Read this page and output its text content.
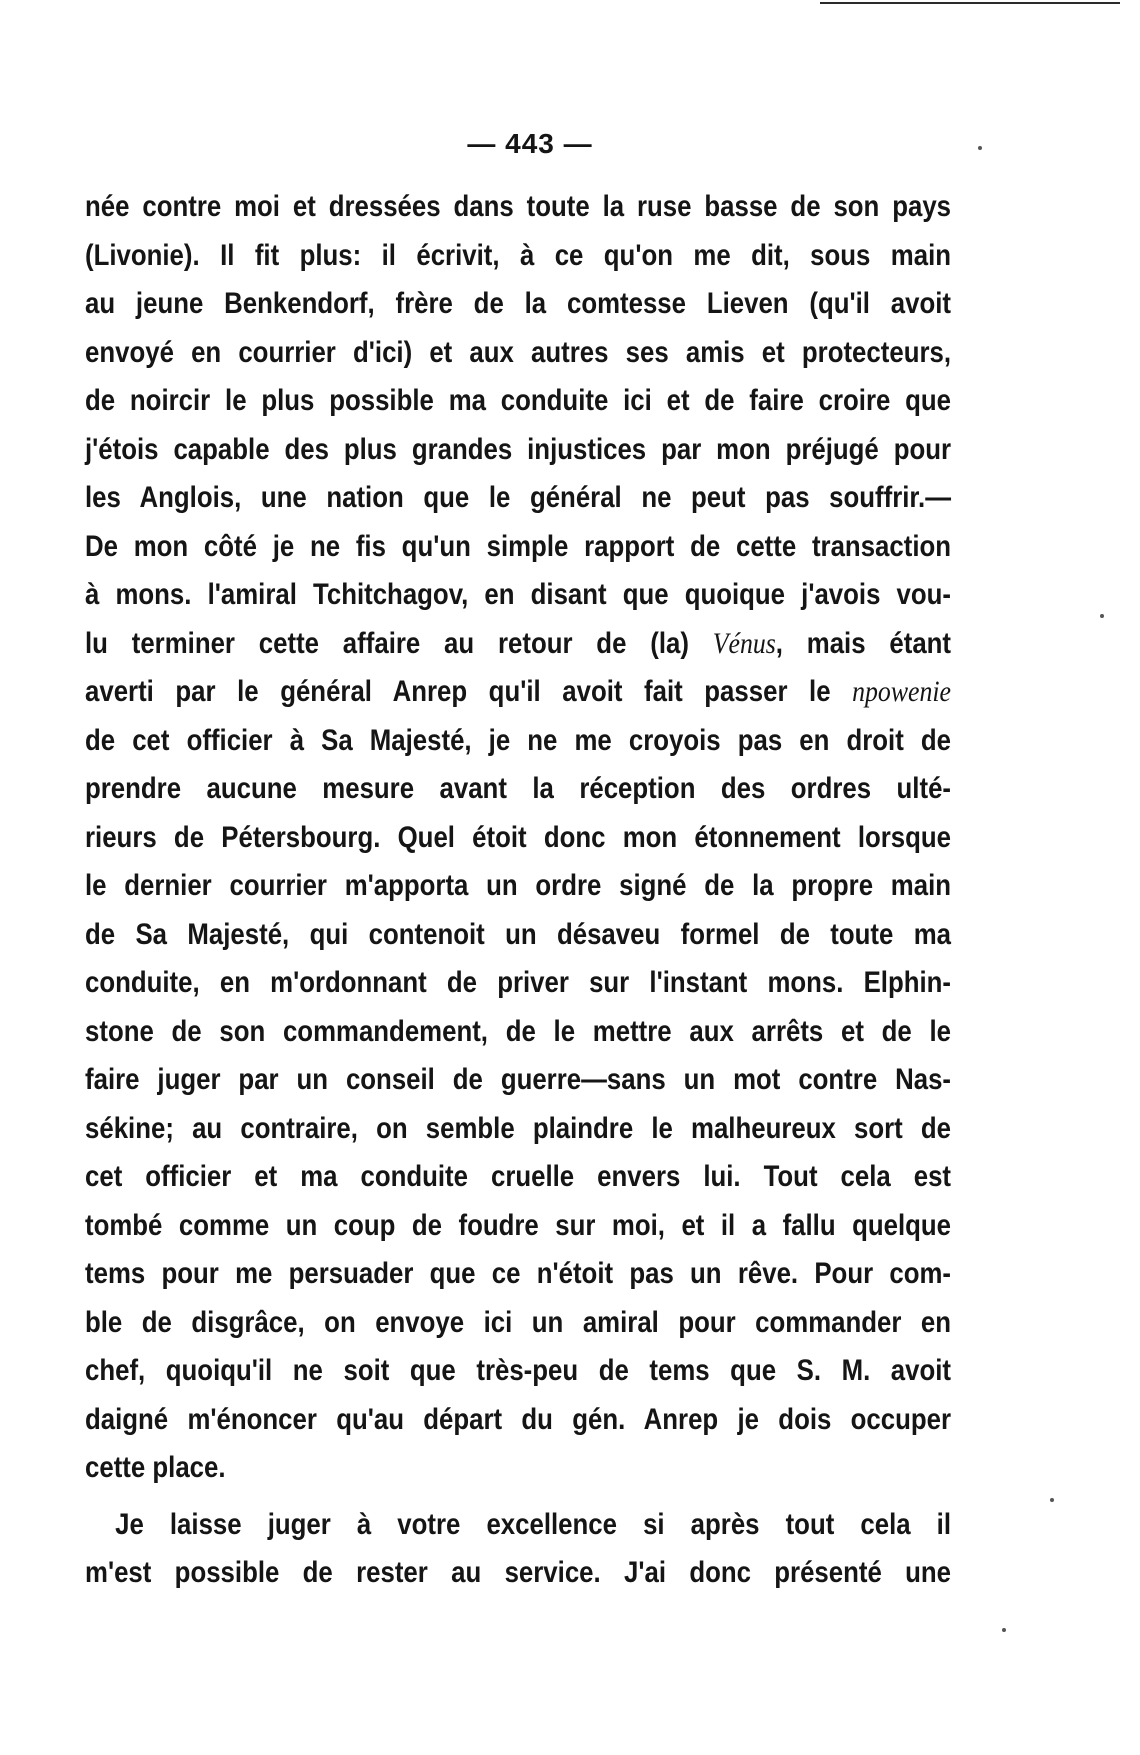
— 443 —
née contre moi et dressées dans toute la ruse basse de son pays
(Livonie). Il fit plus: il écrivit, à ce qu'on me dit, sous main
au jeune Benkendorf, frère de la comtesse Lieven (qu'il avoit
envoyé en courrier d'ici) et aux autres ses amis et protecteurs,
de noircir le plus possible ma conduite ici et de faire croire que
j'étois capable des plus grandes injustices par mon préjugé pour
les Anglois, une nation que le général ne peut pas souffrir.—
De mon côté je ne fis qu'un simple rapport de cette transaction
à mons. l'amiral Tchitchagov, en disant que quoique j'avois vou-
lu terminer cette affaire au retour de (la) Vénus, mais étant
averti par le général Anrep qu'il avoit fait passer le npowenie
de cet officier à Sa Majesté, je ne me croyois pas en droit de
prendre aucune mesure avant la réception des ordres ulté-
rieurs de Pétersbourg. Quel étoit donc mon étonnement lorsque
le dernier courrier m'apporta un ordre signé de la propre main
de Sa Majesté, qui contenoit un désaveu formel de toute ma
conduite, en m'ordonnant de priver sur l'instant mons. Elphin-
stone de son commandement, de le mettre aux arrêts et de le
faire juger par un conseil de guerre—sans un mot contre Nas-
sékine; au contraire, on semble plaindre le malheureux sort de
cet officier et ma conduite cruelle envers lui. Tout cela est
tombé comme un coup de foudre sur moi, et il a fallu quelque
tems pour me persuader que ce n'étoit pas un rêve. Pour com-
ble de disgrâce, on envoye ici un amiral pour commander en
chef, quoiqu'il ne soit que très-peu de tems que S. M. avoit
daigné m'énoncer qu'au départ du gén. Anrep je dois occuper
cette place.
Je laisse juger à votre excellence si après tout cela il
m'est possible de rester au service. J'ai donc présenté une
